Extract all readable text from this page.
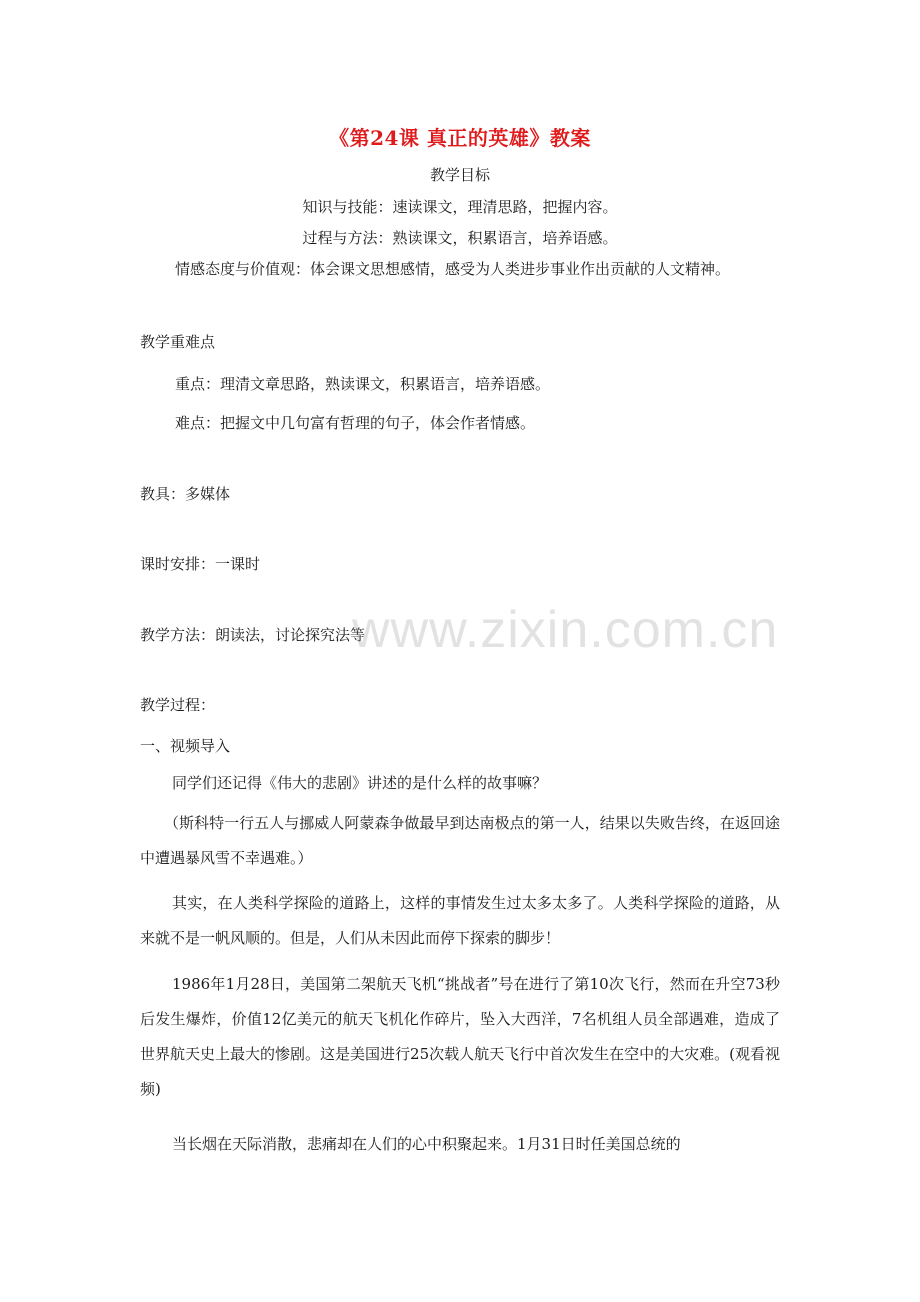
《第24课 真正的英雄》教案
教学目标
知识与技能：速读课文，理清思路，把握内容。
过程与方法：熟读课文，积累语言，培养语感。
情感态度与价值观：体会课文思想感情，感受为人类进步事业作出贡献的人文精神。
教学重难点
重点：理清文章思路，熟读课文，积累语言，培养语感。
难点：把握文中几句富有哲理的句子，体会作者情感。
教具：多媒体
课时安排：一课时
教学方法：朗读法，讨论探究法等
教学过程：
一、视频导入
同学们还记得《伟大的悲剧》讲述的是什么样的故事嘛？
（斯科特一行五人与挪威人阿蒙森争做最早到达南极点的第一人，结果以失败告终，在返回途中遭遇暴风雪不幸遇难。）
其实，在人类科学探险的道路上，这样的事情发生过太多太多了。人类科学探险的道路，从来就不是一帆风顺的。但是，人们从未因此而停下探索的脚步！
1986年1月28日，美国第二架航天飞机“挑战者”号在进行了第10次飞行，然而在升空73秒后发生爆炸，价值12亿美元的航天飞机化作碎片，坠入大西洋，7名机组人员全部遇难，造成了世界航天史上最大的惨剧。这是美国进行25次载人航天飞行中首次发生在空中的大灾难。(观看视频)
当长烟在天际消散，悲痛却在人们的心中积聚起来。1月31日时任美国总统的
www.zixin.com.cn
